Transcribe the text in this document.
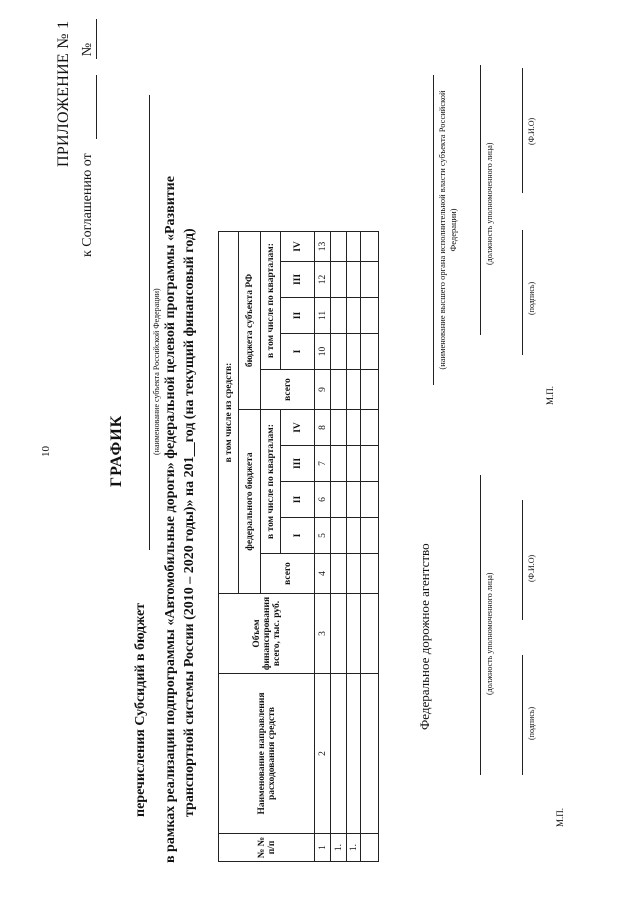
10
ПРИЛОЖЕНИЕ № 1
к Соглашению от  №
ГРАФИК
перечисления Субсидий в бюджет
(наименование субъекта Российской Федерации) в рамках реализации подпрограммы «Автомобильные дороги» федеральной целевой программы «Развитие транспортной системы России (2010 – 2020 годы)» на 201__год (на текущий финансовый год)
№ № п/п	Наименование направления расходования средств	Объем финансирования всего, тыс. руб.	в том числе из средств:									
			федерального бюджета					бюджета субъекта РФ				
			всего	в том числе по кварталам:				всего	в том числе по кварталам:			
				I	II	III	IV		I	II	III	IV
1	2	3	4	5	6	7	8	9	10	11	12	13
1.												
1.												

Федеральное дорожное агентство	(должность уполномоченного лица)
(подпись)
(Ф.И.О)
М.П.
(наименование высшего органа исполнительной власти субъекта Российской Федерации)	(должность уполномоченного лица)
(подпись)
(Ф.И.О)
М.П.
